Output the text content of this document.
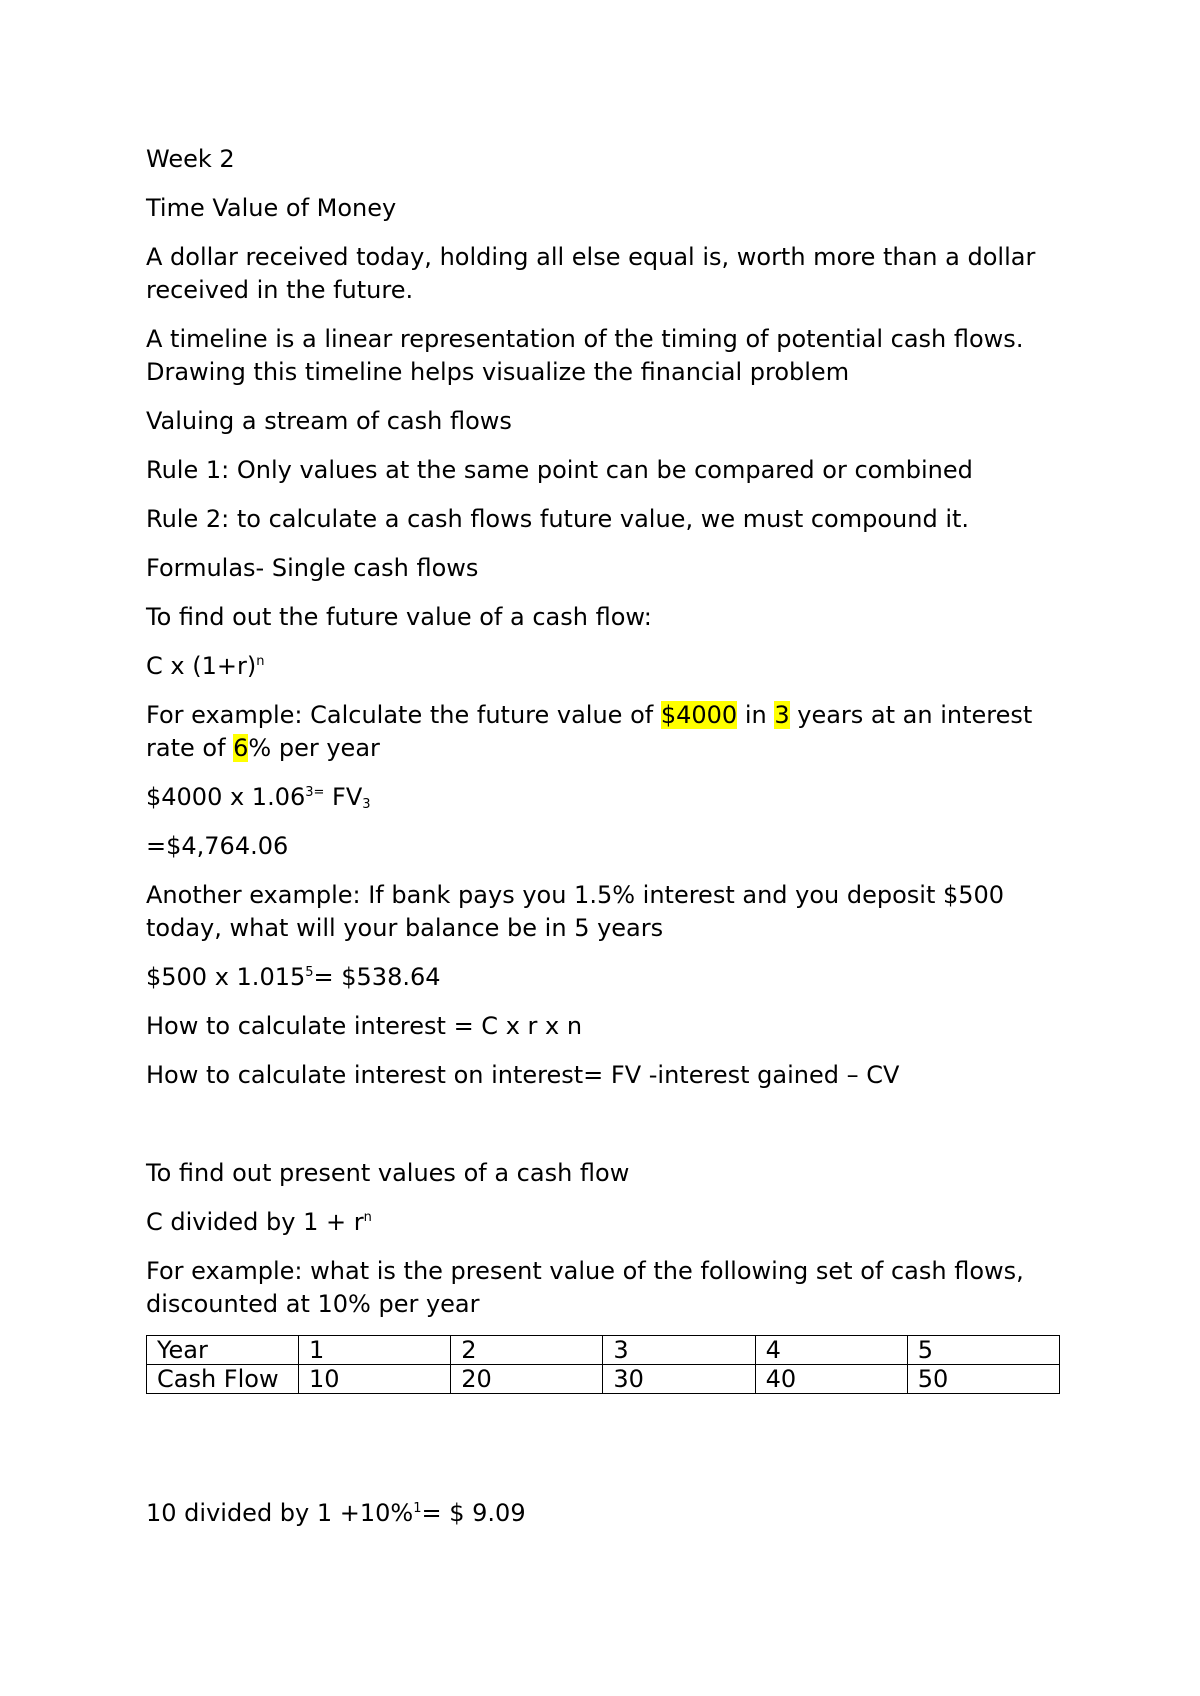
Week 2

Time Value of Money

A dollar received today, holding all else equal is, worth more than a dollar

received in the future.

A timeline is a linear representation of the timing of potential cash flows.

Drawing this timeline helps visualize the financial problem

Valuing a stream of cash flows

Rule 1: Only values at the same point can be compared or combined

Rule 2: to calculate a cash flows future value, we must compound it.

Formulas- Single cash flows

To find out the future value of a cash flow:

C x $(1+r)^n$

For example: Calculate the future value of $4000 in 3 years at an interest

rate of 6% per year

$4000 x $1.06^{3=}$ $FV_3$

=$4,764.06

Another example: If bank pays you 1.5% interest and you deposit $500

today, what will your balance be in 5 years

$500 x $1.015^5=$ $538.64

How to calculate interest = C x r x n

How to calculate interest on interest= FV -interest gained – CV

To find out present values of a cash flow

C divided by $1 + r^n$

For example: what is the present value of the following set of cash flows,

discounted at 10% per year

Year	1	2	3	4	5
Cash Flow	10	20	30	40	50

10 divided by 1 +10%$^1$= $ 9.09
